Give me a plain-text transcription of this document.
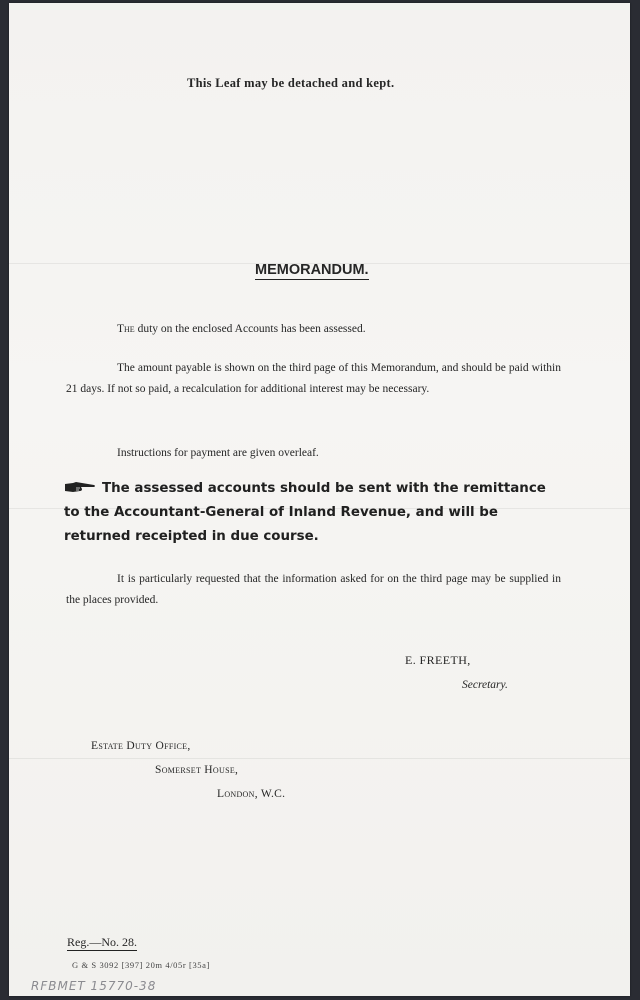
This Leaf may be detached and kept.
MEMORANDUM.
The duty on the enclosed Accounts has been assessed.
The amount payable is shown on the third page of this Memorandum, and should be paid within 21 days. If not so paid, a recalculation for additional interest may be necessary.
Instructions for payment are given overleaf.
The assessed accounts should be sent with the remittance to the Accountant-General of Inland Revenue, and will be returned receipted in due course.
It is particularly requested that the information asked for on the third page may be supplied in the places provided.
E. FREETH,
Secretary.
Estate Duty Office,
Somerset House,
London, W.C.
Reg.—No. 28.
G & S 3092 [397] 20m 4/05r [35a]
RFBMET 15770-38
